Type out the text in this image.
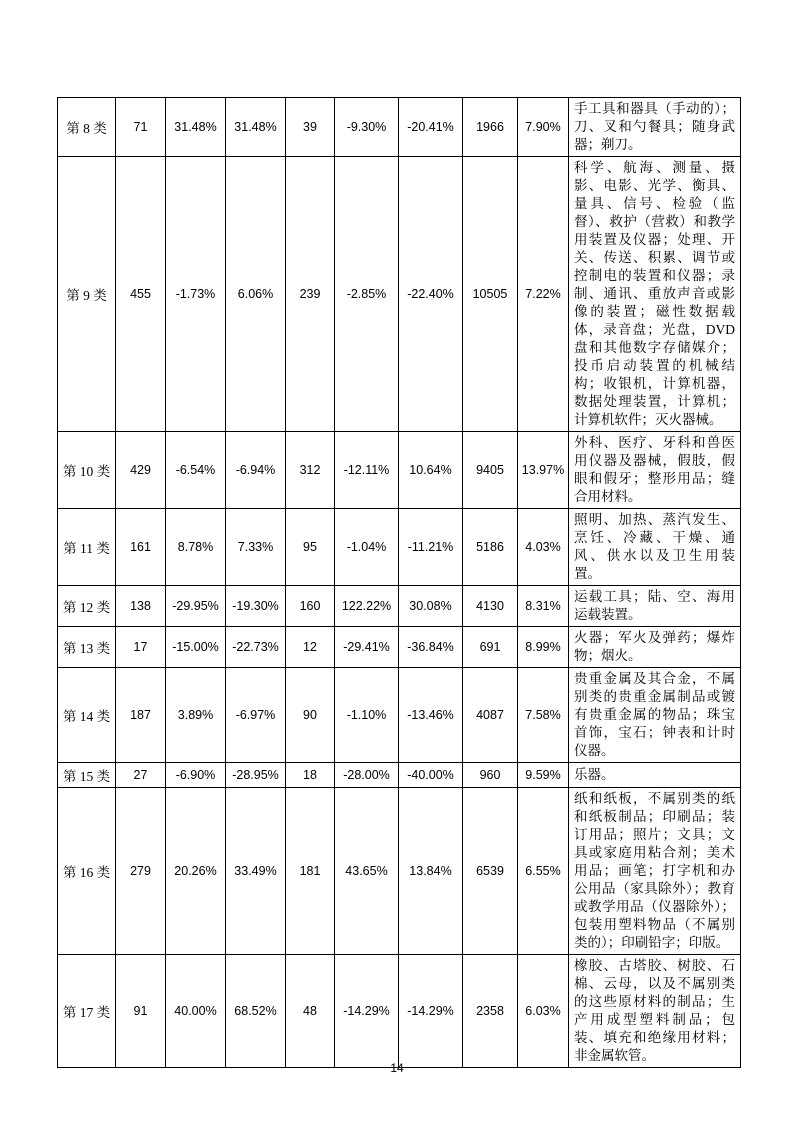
第 8 类	71	31.48%	31.48%	39	-9.30%	-20.41%	1966	7.90%	手工具和器具（手动的）；刀、叉和勺餐具；随身武器；剃刀。
第 9 类	455	-1.73%	6.06%	239	-2.85%	-22.40%	10505	7.22%	科学、航海、测量、摄影、电影、光学、衡具、量具、信号、检验（监督）、救护（营救）和教学用装置及仪器；处理、开关、传送、积累、调节或控制电的装置和仪器；录制、通讯、重放声音或影像的装置；磁性数据载体，录音盘；光盘，DVD 盘和其他数字存储媒介；投币启动装置的机械结构；收银机，计算机器，数据处理装置，计算机；计算机软件；灭火器械。
第 10 类	429	-6.54%	-6.94%	312	-12.11%	10.64%	9405	13.97%	外科、医疗、牙科和兽医用仪器及器械，假肢，假眼和假牙；整形用品；缝合用材料。
第 11 类	161	8.78%	7.33%	95	-1.04%	-11.21%	5186	4.03%	照明、加热、蒸汽发生、烹饪、冷藏、干燥、通风、供水以及卫生用装置。
第 12 类	138	-29.95%	-19.30%	160	122.22%	30.08%	4130	8.31%	运载工具；陆、空、海用运载装置。
第 13 类	17	-15.00%	-22.73%	12	-29.41%	-36.84%	691	8.99%	火器；军火及弹药；爆炸物；烟火。
第 14 类	187	3.89%	-6.97%	90	-1.10%	-13.46%	4087	7.58%	贵重金属及其合金，不属别类的贵重金属制品或镀有贵重金属的物品；珠宝首饰，宝石；钟表和计时仪器。
第 15 类	27	-6.90%	-28.95%	18	-28.00%	-40.00%	960	9.59%	乐器。
第 16 类	279	20.26%	33.49%	181	43.65%	13.84%	6539	6.55%	纸和纸板，不属别类的纸和纸板制品；印刷品；装订用品；照片；文具；文具或家庭用粘合剂；美术用品；画笔；打字机和办公用品（家具除外）；教育或教学用品（仪器除外）；包装用塑料物品（不属别类的）；印刷铅字；印版。
第 17 类	91	40.00%	68.52%	48	-14.29%	-14.29%	2358	6.03%	橡胶、古塔胶、树胶、石棉、云母，以及不属别类的这些原材料的制品；生产用成型塑料制品；包装、填充和绝缘用材料；非金属软管。
14
